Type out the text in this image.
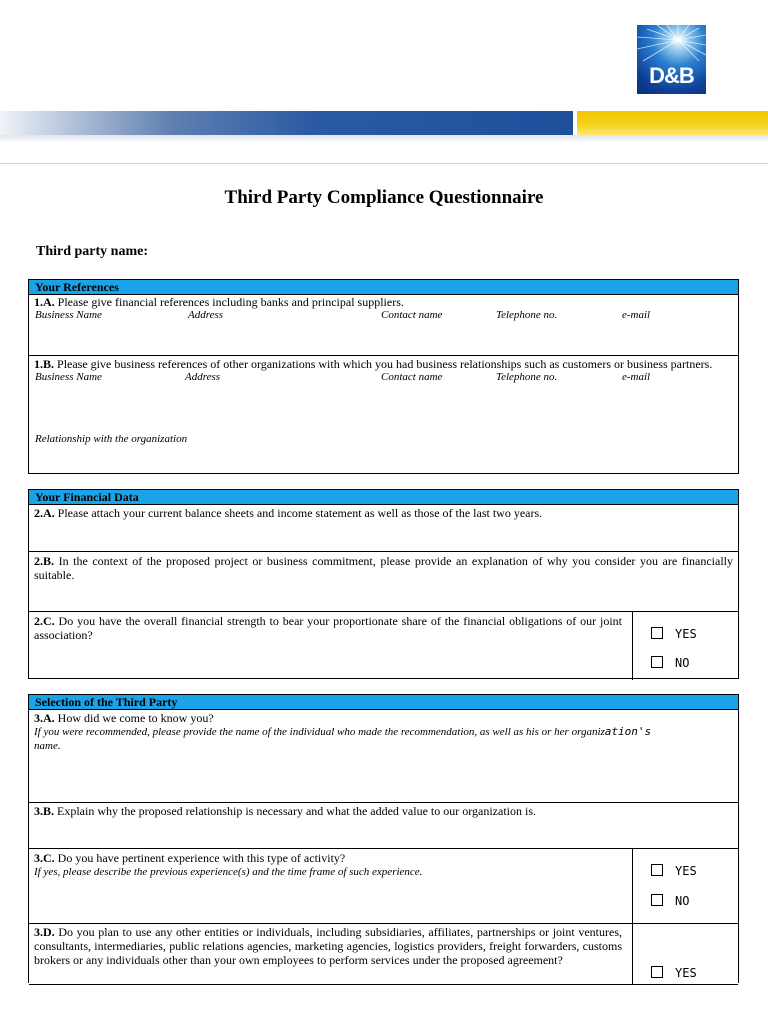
D&B
Third Party Compliance Questionnaire
Third party name:
Your References
1.A. Please give financial references including banks and principal suppliers.
Business Name	Address	Contact name	Telephone no.	e-mail
1.B. Please give business references of other organizations with which you had business relationships such as customers or business partners.
Business Name	Address	Contact name	Telephone no.	e-mail
Relationship with the organization
Your Financial Data
2.A. Please attach your current balance sheets and income statement as well as those of the last two years.
2.B. In the context of the proposed project or business commitment, please provide an explanation of why you consider you are financially suitable.
2.C. Do you have the overall financial strength to bear your proportionate share of the financial obligations of our joint association?	YES
NO
Selection of the Third Party
3.A. How did we come to know you?
If you were recommended, please provide the name of the individual who made the recommendation, as well as his or her organization's
name.
3.B. Explain why the proposed relationship is necessary and what the added value to our organization is.
3.C. Do you have pertinent experience with this type of activity?
If yes, please describe the previous experience(s) and the time frame of such experience.	YES
NO
3.D. Do you plan to use any other entities or individuals, including subsidiaries, affiliates, partnerships or joint ventures, consultants, intermediaries, public relations agencies, marketing agencies, logistics providers, freight forwarders, customs brokers or any individuals other than your own employees to perform services under the proposed agreement?
YES
